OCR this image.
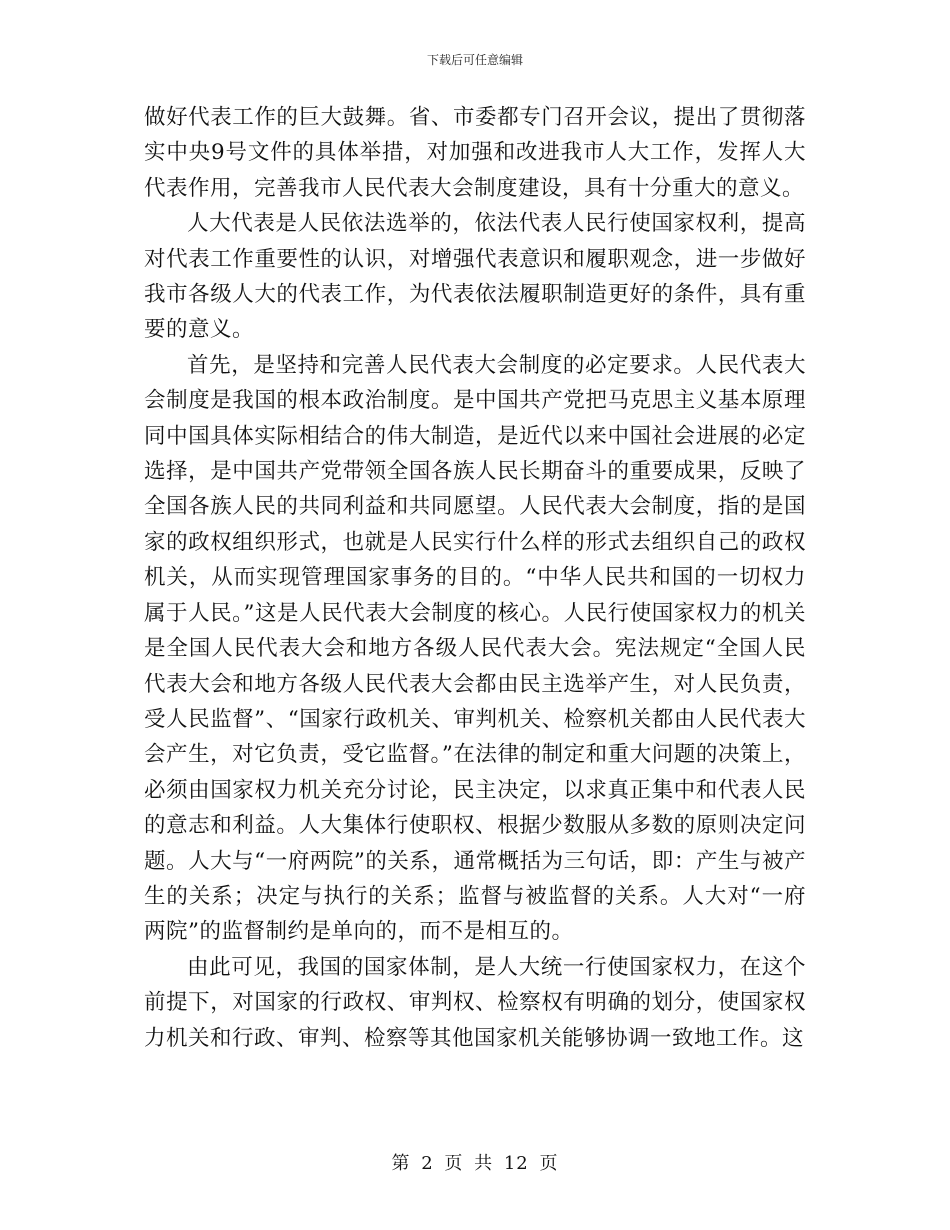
下载后可任意编辑

做好代表工作的巨大鼓舞。省、市委都专门召开会议，提出了贯彻落实中央9号文件的具体举措，对加强和改进我市人大工作，发挥人大代表作用，完善我市人民代表大会制度建设，具有十分重大的意义。

人大代表是人民依法选举的，依法代表人民行使国家权利，提高对代表工作重要性的认识，对增强代表意识和履职观念，进一步做好我市各级人大的代表工作，为代表依法履职制造更好的条件，具有重要的意义。

首先，是坚持和完善人民代表大会制度的必定要求。人民代表大会制度是我国的根本政治制度。是中国共产党把马克思主义基本原理同中国具体实际相结合的伟大制造，是近代以来中国社会进展的必定选择，是中国共产党带领全国各族人民长期奋斗的重要成果，反映了全国各族人民的共同利益和共同愿望。人民代表大会制度，指的是国家的政权组织形式，也就是人民实行什么样的形式去组织自己的政权机关，从而实现管理国家事务的目的。“中华人民共和国的一切权力属于人民。”这是人民代表大会制度的核心。人民行使国家权力的机关是全国人民代表大会和地方各级人民代表大会。宪法规定“全国人民代表大会和地方各级人民代表大会都由民主选举产生，对人民负责，受人民监督”、“国家行政机关、审判机关、检察机关都由人民代表大会产生，对它负责，受它监督。”在法律的制定和重大问题的决策上，必须由国家权力机关充分讨论，民主决定，以求真正集中和代表人民的意志和利益。人大集体行使职权、根据少数服从多数的原则决定问题。人大与“一府两院”的关系，通常概括为三句话，即：产生与被产生的关系；决定与执行的关系；监督与被监督的关系。人大对“一府两院”的监督制约是单向的，而不是相互的。

由此可见，我国的国家体制，是人大统一行使国家权力，在这个前提下，对国家的行政权、审判权、检察权有明确的划分，使国家权力机关和行政、审判、检察等其他国家机关能够协调一致地工作。这

第 2 页 共 12 页
